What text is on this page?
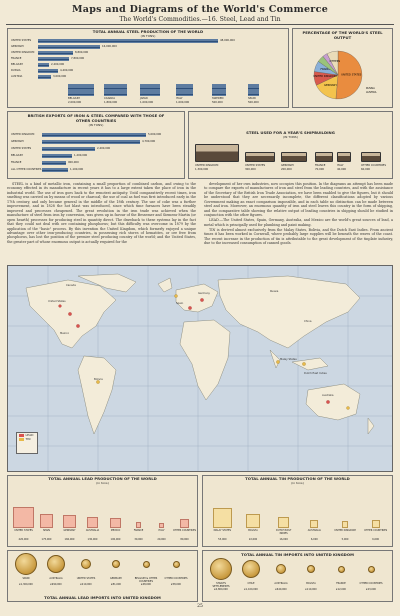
Maps and Diagrams of the World's Commerce
The World's Commodities.—16. Steel, Lead and Tin
TOTAL ANNUAL STEEL PRODUCTION OF THE WORLD
(IN TONS)
UNITED STATES	48,000,000
GERMANY	16,000,000
UNITED KINGDOM	8,800,000
FRANCE	7,800,000
BELGIUM	2,400,000
RUSSIA	4,400,000
AUSTRIA	3,000,000
BELGIUM
2,000,000
CANADA
1,800,000
JAPAN
1,000,000
ITALY
1,000,000
SWEDEN
500,000
SPAIN
500,000
PERCENTAGE OF THE WORLD'S STEEL OUTPUT
UNITED STATES
GERMANY
UNITED KINGDOM
FRANCE
OTHERS
RUSSIA
AUSTRIA
BRITISH EXPORTS OF IRON & STEEL COMPARED WITH THOSE OF OTHER COUNTRIES
(IN TONS)
UNITED KINGDOM	5,000,000
GERMANY	4,700,000
UNITED STATES	2,400,000
BELGIUM	1,200,000
FRANCE	900,000
ALL OTHER COUNTRIES	1,100,000
STEEL USED FOR A YEAR'S SHIPBUILDING
(IN TONS)
UNITED KINGDOM
1,300,000
UNITED STATES
300,000
GERMANY
200,000
FRANCE
70,000
ITALY
40,000
OTHER COUNTRIES
60,000

STEEL is a kind of metallic iron, containing a small proportion of combined carbon, and owing to the economy effected in its manufacture in recent years it has to a large extent taken the place of iron in the industrial world. The use of iron goes back to the remotest antiquity. Until comparatively recent times, iron smelting was carried on by means of wood or charcoal; the use of coal as fuel was first introduced early in the 17th century, and only became general in the middle of the 18th century. The use of coke was a further improvement, and in 1828 the hot blast was introduced, since which time furnaces have been steadily improved and processes cheapened. The great revolution in the iron trade was achieved when the manufacture of steel from iron by conversion, was given up in favour of the Bessemer and Siemens-Martin (or open hearth) processes for producing steel in quantity direct. The drawback to these systems lay in the fact that they could not deal with ore containing phosphorus; but this difficulty was overcome in 1879 by the application of the "basic" process. By this invention the United Kingdom, which formerly enjoyed a unique advantage over other iron-producing countries, in possessing rich stores of hematites, or ore free from phosphorus, has lost the position of the premier steel producing country of the world; and the United States, the greater part of whose enormous output is actually required for the

development of her own industries, now occupies this position. In the diagrams an attempt has been made to compare the exports of manufactures of iron and steel from the leading countries, and with the assistance of the Secretary of the British Iron Trade Association, we have been enabled to give the figures, but it should be understood that they are necessarily incomplete, the different classifications adopted by various Government making an exact comparison impossible, and in each table no distinction can be made between steel and iron. Moreover, an enormous quantity of iron and steel leaves this country in the form of shipping, and the comparative table showing the relative output of leading countries in shipping should be studied in conjunction with the other figures.

LEAD.—The United States, Spain, Germany, Australia, and Mexico are the world's great sources of lead, a metal which is principally used for plumbing and paint making.

TIN is derived almost exclusively from the Malay States, Bolivia, and the Dutch East Indies. From ancient times it has been worked in Cornwall, where probably large supplies will be beneath the waves of the coast. The recent increase in the production of tin is attributable to the great development of the tinplate industry, due to the increased consumption of canned goods.

United States
Canada
Mexico
Bolivia
Spain
Germany
Russia
Malay States
Australia
Dutch East Indies
China
LEAD
TIN
TOTAL ANNUAL LEAD PRODUCTION OF THE WORLD
(in tons)
UNITED STATES
420,000
SPAIN
175,000
GERMANY
160,000
AUSTRALIA
130,000
MEXICO
100,000
FRANCE
30,000
ITALY
20,000
OTHER COUNTRIES
80,000
TOTAL ANNUAL TIN PRODUCTION OF THE WORLD
(in tons)
MALAY STATES
53,000
BOLIVIA
22,000
DUTCH EAST INDIES
16,000
AUSTRALIA
6,000
UNITED KINGDOM
5,000
OTHER COUNTRIES
6,000
SPAIN
£1,300,000
AUSTRALIA
£990,000
UNITED STATES
£210,000
GERMANY
£81,000
BELGIUM & OTHER COUNTRIES
£48,000
OTHER COUNTRIES
£58,000
TOTAL ANNUAL LEAD IMPORTS INTO UNITED KINGDOM
TOTAL ANNUAL TIN IMPORTS INTO UNITED KINGDOM
STRAITS SETTLEMENTS
£4,800,000
CHILE
£1,100,000
AUSTRALIA
£640,000
BOLIVIA
£110,000
FRANCE
£12,000
OTHER COUNTRIES
£23,000
25
